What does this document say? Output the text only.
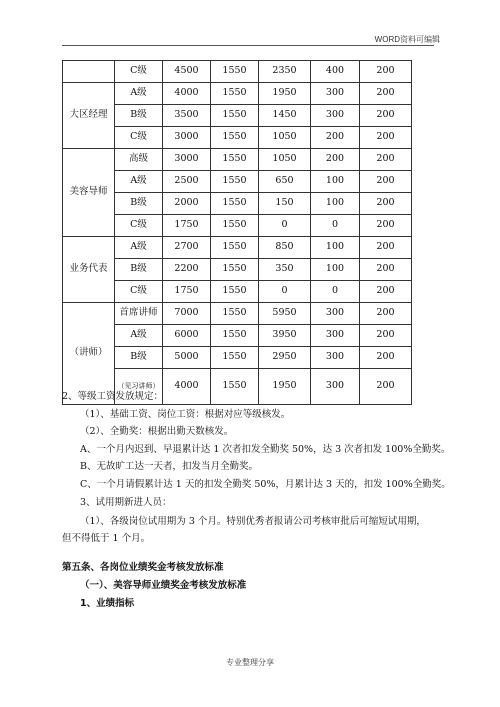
WORD资料可编辑
	C级	4500	1550	2350	400	200
大区经理	A级	4000	1550	1950	300	200
	B级	3500	1550	1450	300	200
	C级	3000	1550	1050	200	200
美容导师	高级	3000	1550	1050	200	200
	A级	2500	1550	650	100	200
	B级	2000	1550	150	100	200
	C级	1750	1550	0	0	200
业务代表	A级	2700	1550	850	100	200
	B级	2200	1550	350	100	200
	C级	1750	1550	0	0	200
（讲师）	首席讲师	7000	1550	5950	300	200
	A级	6000	1550	3950	300	200
	B级	5000	1550	2950	300	200
	（见习讲师）	4000	1550	1950	300	200
2、等级工资发放规定：
（1）、基础工资、岗位工资：根据对应等级核发。
（2）、全勤奖：根据出勤天数核发。
A、一个月内迟到、早退累计达 1 次者扣发全勤奖 50%，达 3 次者扣发 100%全勤奖。
B、无故旷工达一天者，扣发当月全勤奖。
C、一个月请假累计达 1 天的扣发全勤奖 50%，月累计达 3 天的，扣发 100%全勤奖。
3、试用期新进人员：
（1）、各级岗位试用期为 3 个月。特别优秀者报请公司考核审批后可缩短试用期，但不得低于 1 个月。
第五条、各岗位业绩奖金考核发放标准
（一）、美容导师业绩奖金考核发放标准
1、业绩指标
专业整理分享
